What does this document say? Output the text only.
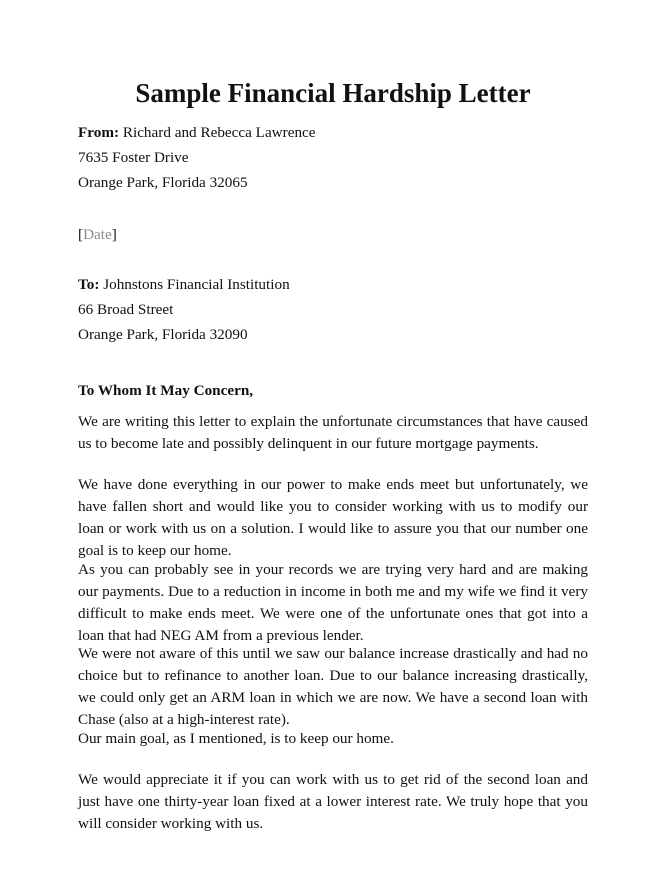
Sample Financial Hardship Letter
From: Richard and Rebecca Lawrence
7635 Foster Drive
Orange Park, Florida 32065
[Date]
To: Johnstons Financial Institution
66 Broad Street
Orange Park, Florida 32090

To Whom It May Concern,

We are writing this letter to explain the unfortunate circumstances that have caused us to become late and possibly delinquent in our future mortgage payments.

We have done everything in our power to make ends meet but unfortunately, we have fallen short and would like you to consider working with us to modify our loan or work with us on a solution. I would like to assure you that our number one goal is to keep our home.

As you can probably see in your records we are trying very hard and are making our payments. Due to a reduction in income in both me and my wife we find it very difficult to make ends meet. We were one of the unfortunate ones that got into a loan that had NEG AM from a previous lender.

We were not aware of this until we saw our balance increase drastically and had no choice but to refinance to another loan. Due to our balance increasing drastically, we could only get an ARM loan in which we are now. We have a second loan with Chase (also at a high-interest rate).

Our main goal, as I mentioned, is to keep our home.

We would appreciate it if you can work with us to get rid of the second loan and just have one thirty-year loan fixed at a lower interest rate. We truly hope that you will consider working with us.
